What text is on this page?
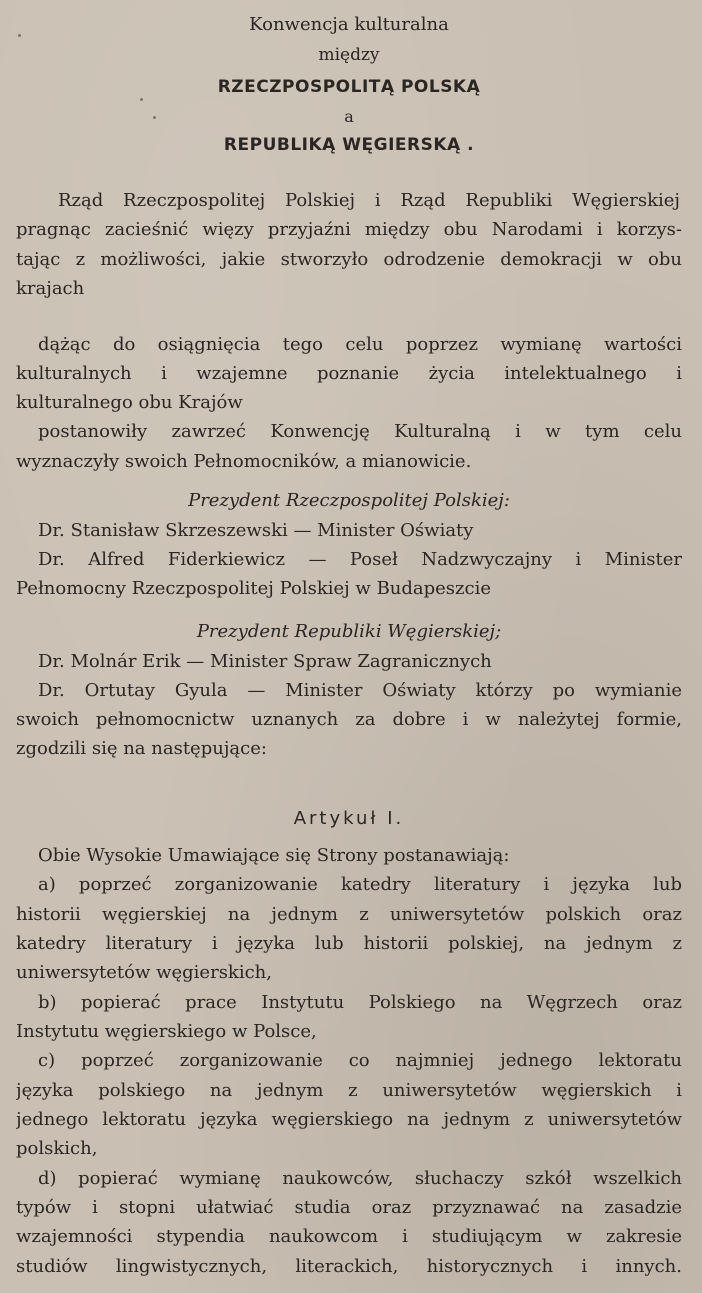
Konwencja kulturalna
między
RZECZPOSPOLITĄ POLSKĄ
a
REPUBLIKĄ WĘGIERSKĄ .
Rząd Rzeczpospolitej Polskiej i Rząd Republiki Węgierskiej
pragnąc zacieśnić więzy przyjaźni między obu Narodami i korzys-
tając z możliwości, jakie stworzyło odrodzenie demokracji w obu
krajach
dążąc do osiągnięcia tego celu poprzez wymianę wartości
kulturalnych i wzajemne poznanie życia intelektualnego i
kulturalnego obu Krajów
postanowiły zawrzeć Konwencję Kulturalną i w tym celu
wyznaczyły swoich Pełnomocników, a mianowicie.
Prezydent Rzeczpospolitej Polskiej:
Dr. Stanisław Skrzeszewski — Minister Oświaty
Dr. Alfred Fiderkiewicz — Poseł Nadzwyczajny i Minister
Pełnomocny Rzeczpospolitej Polskiej w Budapeszcie
Prezydent Republiki Węgierskiej;
Dr. Molnár Erik — Minister Spraw Zagranicznych
Dr. Ortutay Gyula — Minister Oświaty którzy po wymianie
swoich pełnomocnictw uznanych za dobre i w należytej formie,
zgodzili się na następujące:
Artykuł I.
Obie Wysokie Umawiające się Strony postanawiają:
a) poprzeć zorganizowanie katedry literatury i języka lub
historii węgierskiej na jednym z uniwersytetów polskich oraz
katedry literatury i języka lub historii polskiej, na jednym z
uniwersytetów węgierskich,
b) popierać prace Instytutu Polskiego na Węgrzech oraz
Instytutu węgierskiego w Polsce,
c) poprzeć zorganizowanie co najmniej jednego lektoratu
języka polskiego na jednym z uniwersytetów węgierskich i
jednego lektoratu języka węgierskiego na jednym z uniwersytetów
polskich,
d) popierać wymianę naukowców, słuchaczy szkół wszelkich
typów i stopni ułatwiać studia oraz przyznawać na zasadzie
wzajemności stypendia naukowcom i studiującym w zakresie
studiów lingwistycznych, literackich, historycznych i innych.
